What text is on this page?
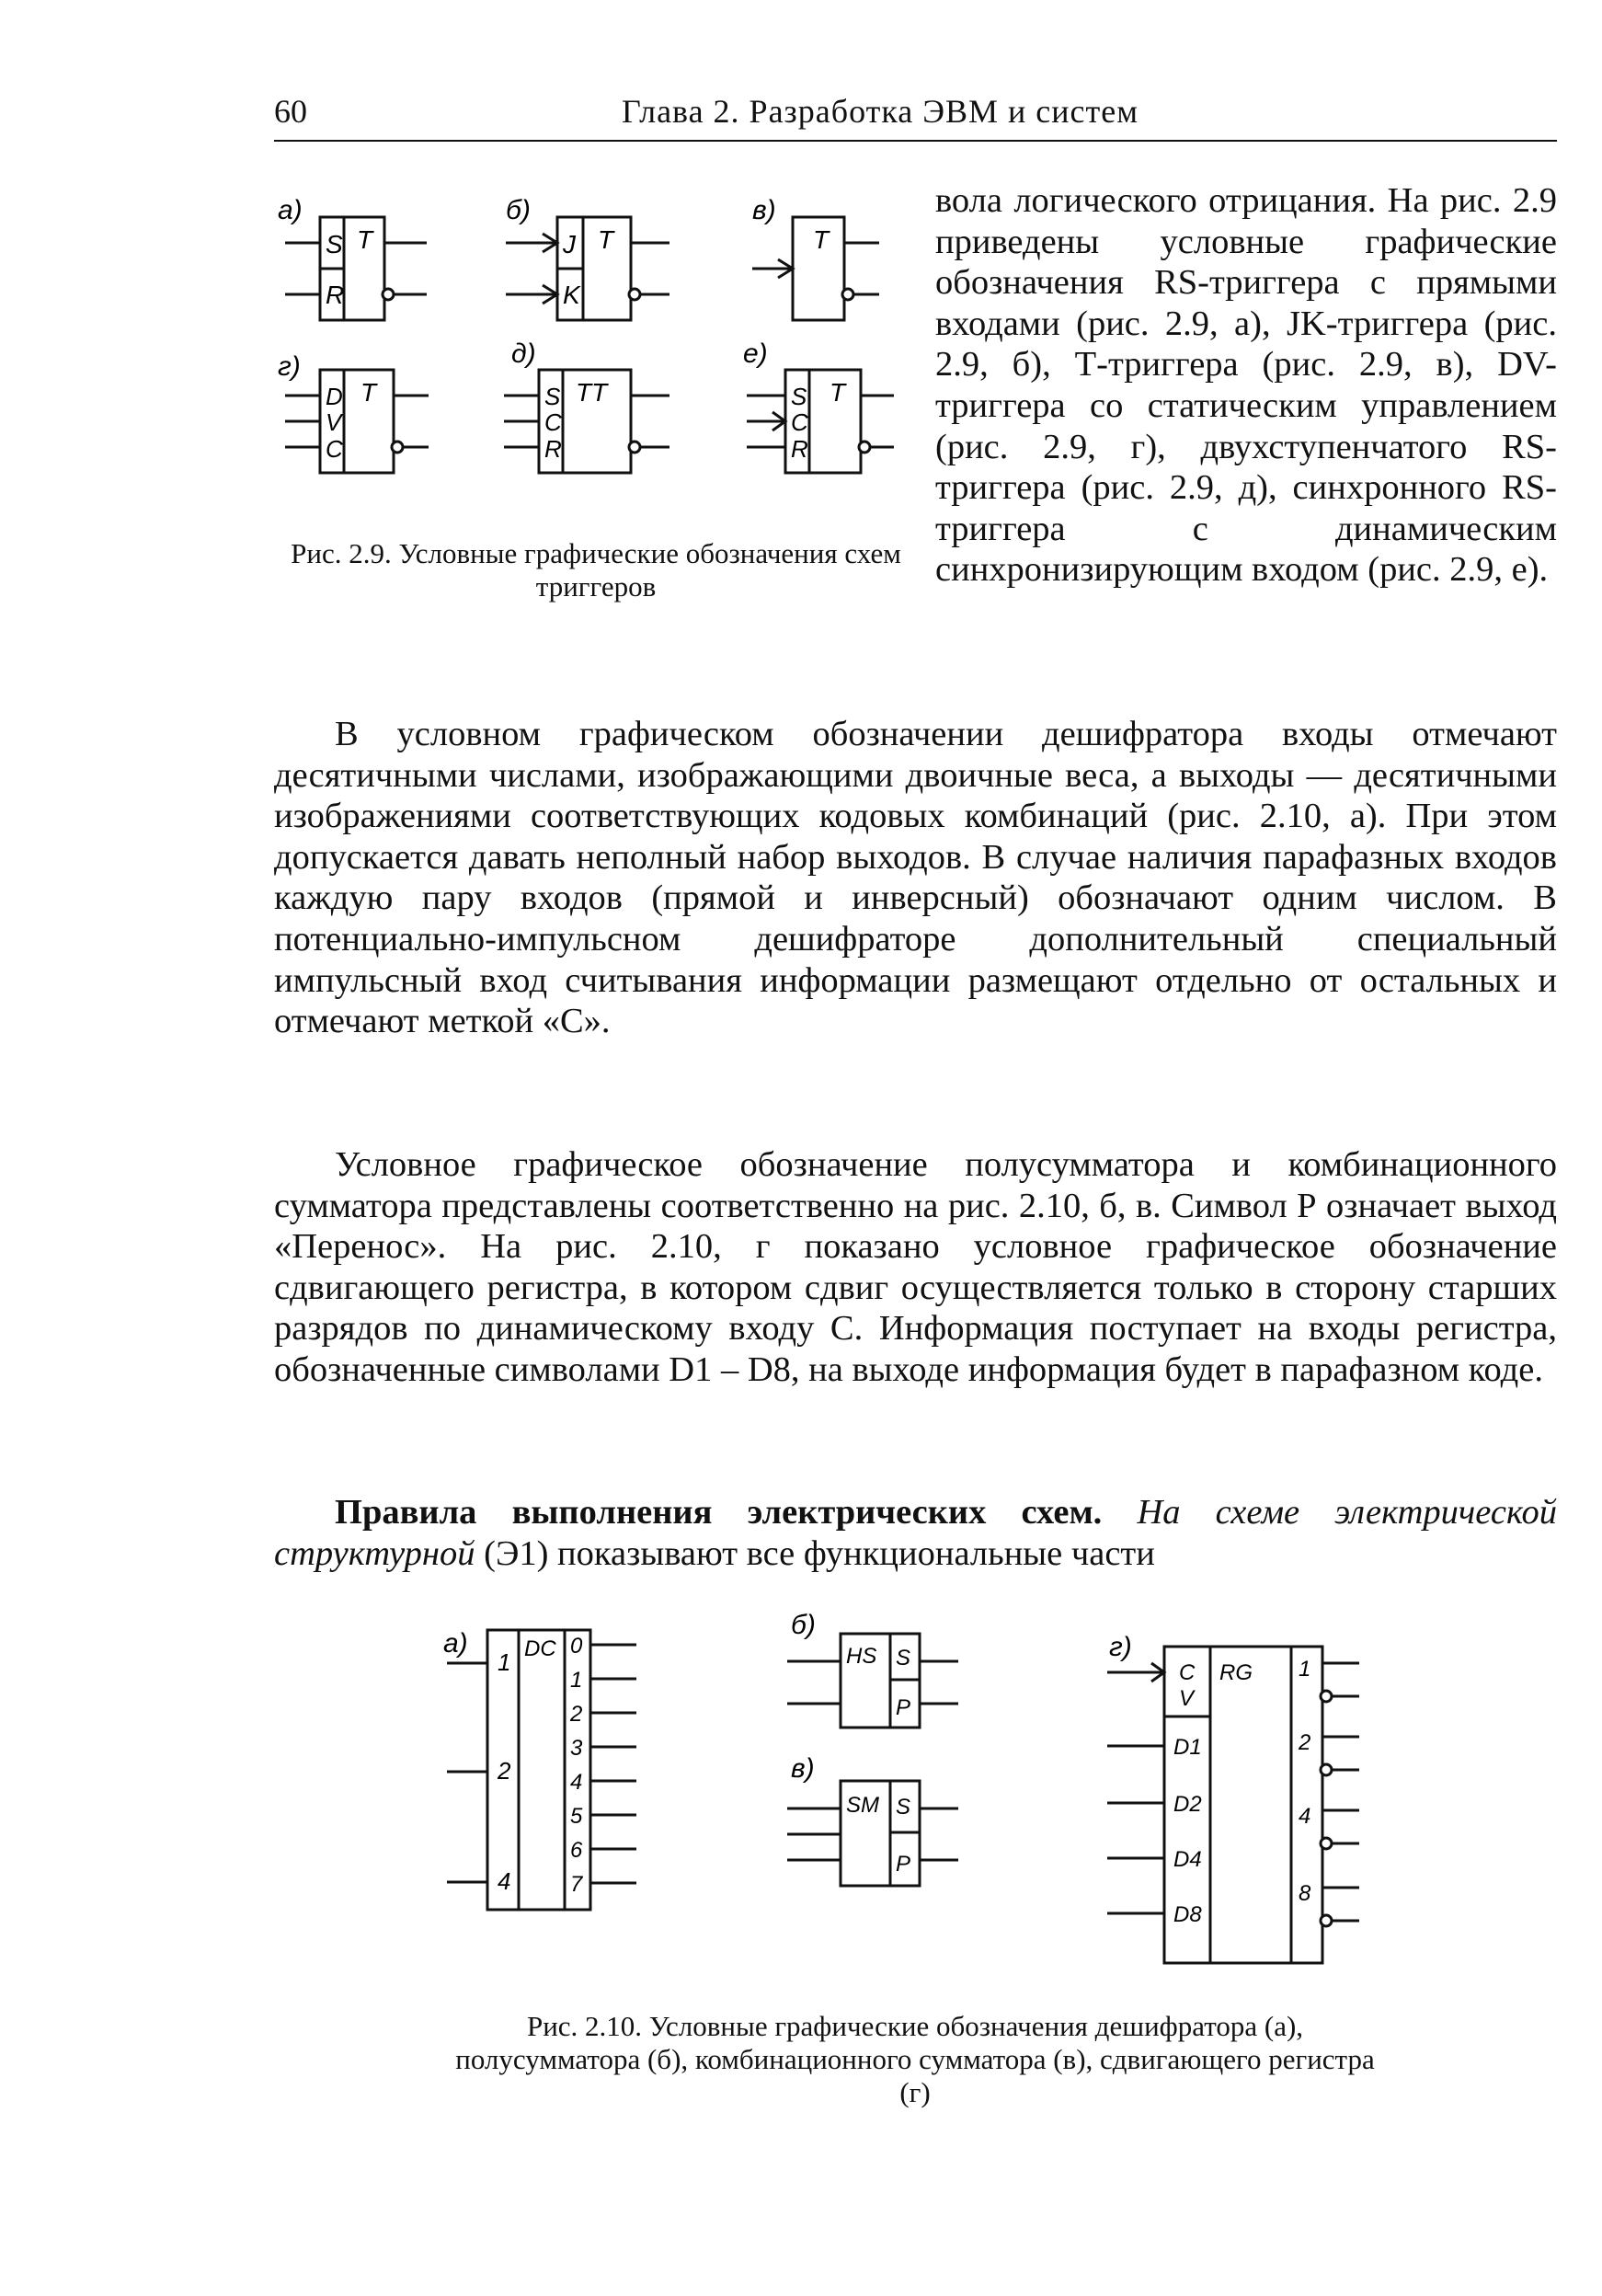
60	Глава 2. Разработка ЭВМ и систем
а)
S
R
T
б)
J
K
T
в)
T
г)
D
V
C
T
д)
S
C
R
TT
е)
S
C
R
T
а)
1
2
4
DC 0
1
2
3
4
5
6
7
б)
HS S
P
в)
SM S
P
г)
C
V
RG
D1
D2
D4
D8
1
2
4
8
Рис. 2.9. Условные графические обозначения схем триггеров

вола логического отрицания. На рис. 2.9 приведены условные графические обозначения RS-триггера с прямыми входами (рис. 2.9, а), JK-триггера (рис. 2.9, б), Т-триггера (рис. 2.9, в), DV-триггера со статическим управлением (рис. 2.9, г), двухступенчатого RS-триггера (рис. 2.9, д), синхронного RS-триггера с динамическим синхронизирующим входом (рис. 2.9, е).

В условном графическом обозначении дешифратора входы отмечают десятичными числами, изображающими двоичные веса, а выходы — десятичными изображениями соответствующих кодовых комбинаций (рис. 2.10, а). При этом допускается давать неполный набор выходов. В случае наличия парафазных входов каждую пару входов (прямой и инверсный) обозначают одним числом. В потенциально-импульсном дешифраторе дополнительный специальный импульсный вход считывания информации размещают отдельно от остальных и отмечают меткой «С».

Условное графическое обозначение полусумматора и комбинационного сумматора представлены соответственно на рис. 2.10, б, в. Символ Р означает выход «Перенос». На рис. 2.10, г показано условное графическое обозначение сдвигающего регистра, в котором сдвиг осуществляется только в сторону старших разрядов по динамическому входу С. Информация поступает на входы регистра, обозначенные символами D1 – D8, на выходе информация будет в парафазном коде.

Правила выполнения электрических схем. На схеме электрической структурной (Э1) показывают все функциональные части

Рис. 2.10. Условные графические обозначения дешифратора (а), полусумматора (б), комбинационного сумматора (в), сдвигающего регистра (г)
